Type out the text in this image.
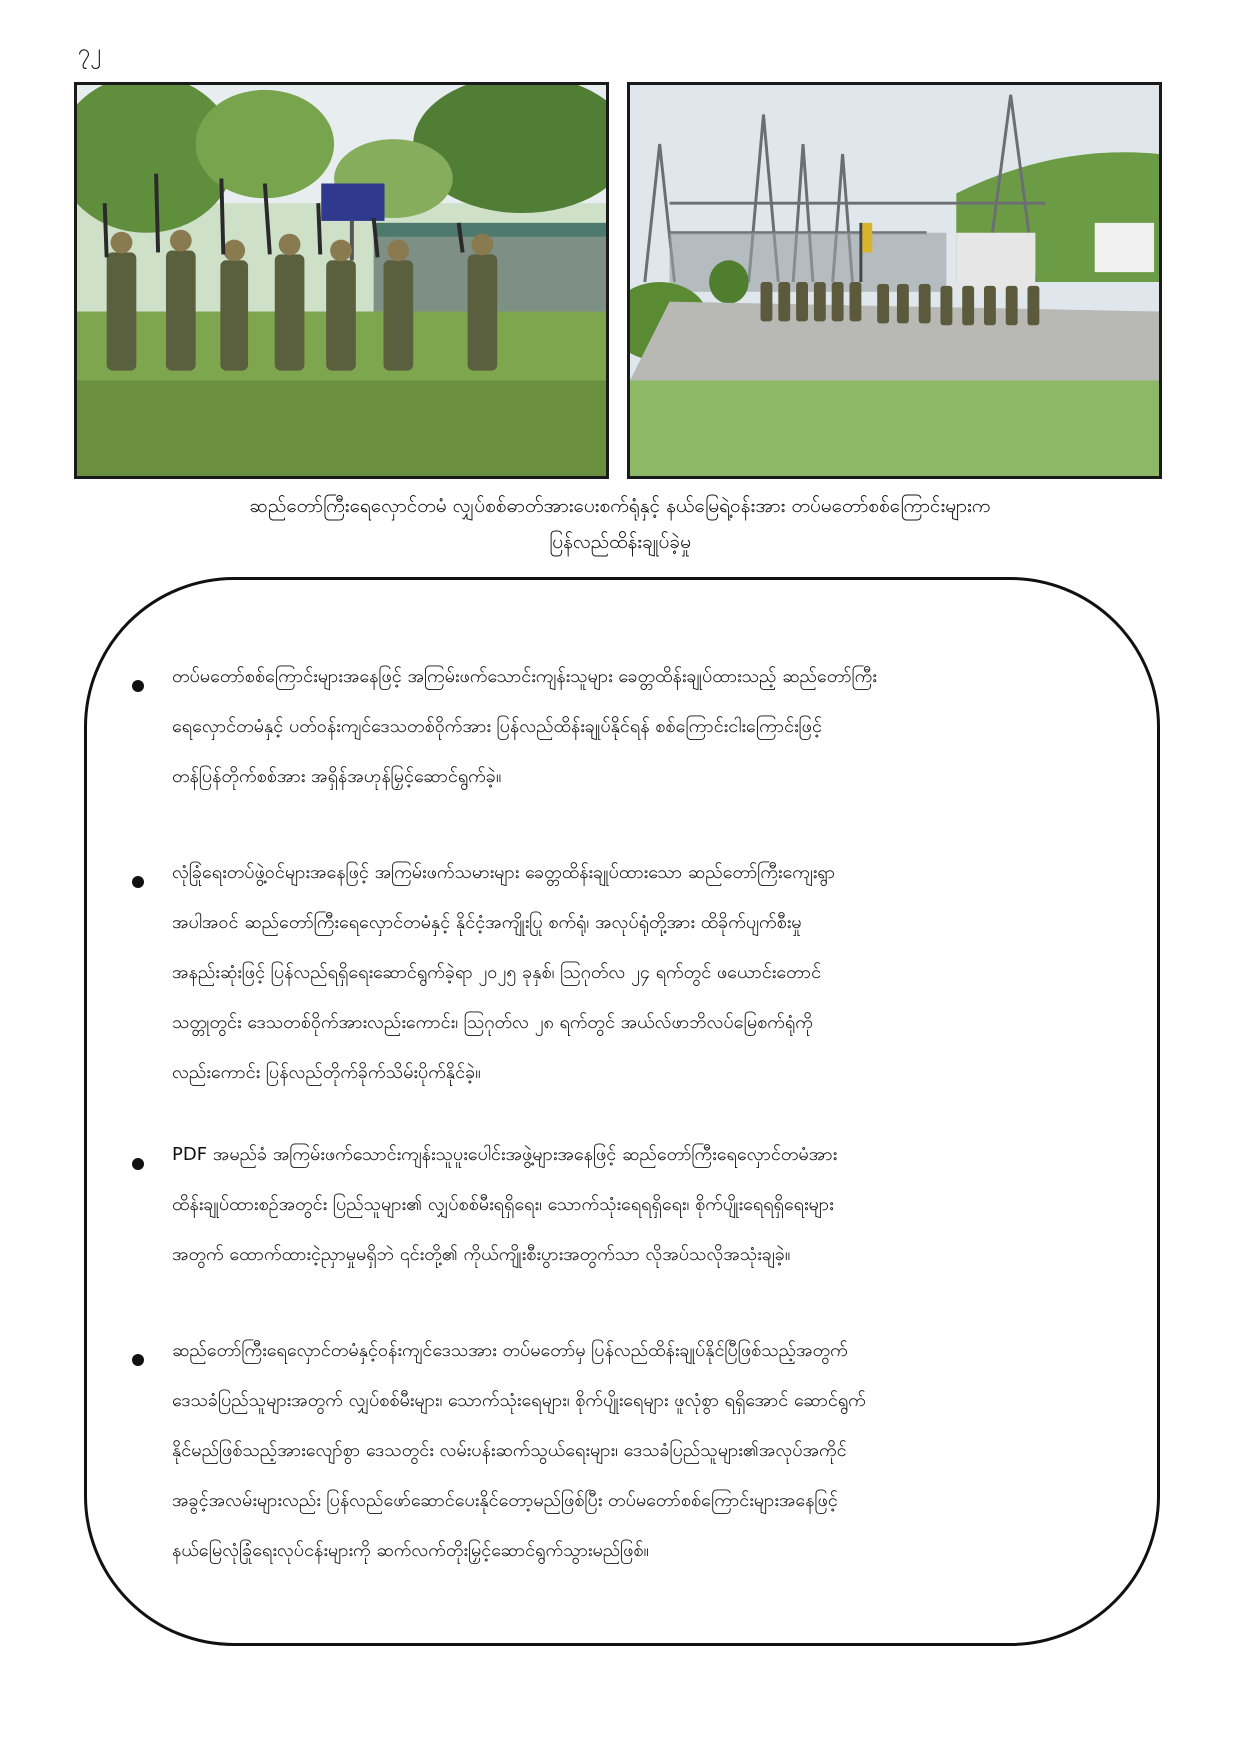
၇၂
ဆည်တော်ကြီးရေလှောင်တမံ လျှပ်စစ်ဓာတ်အားပေးစက်ရုံနှင့် နယ်မြေရဲ့ဝန်းအား တပ်မတော်စစ်ကြောင်းများက
ပြန်လည်ထိန်းချုပ်ခဲ့မှု
တပ်မတော်စစ်ကြောင်းများအနေဖြင့် အကြမ်းဖက်သောင်းကျန်းသူများ ခေတ္တထိန်းချုပ်ထားသည့် ဆည်တော်ကြီး
ရေလှောင်တမံနှင့် ပတ်ဝန်းကျင်ဒေသတစ်ဝိုက်အား ပြန်လည်ထိန်းချုပ်နိုင်ရန် စစ်ကြောင်းငါးကြောင်းဖြင့်
တန်ပြန်တိုက်စစ်အား အရှိန်အဟုန်မြှင့်ဆောင်ရွက်ခဲ့။
လုံခြုံရေးတပ်ဖွဲ့ဝင်များအနေဖြင့် အကြမ်းဖက်သမားများ ခေတ္တထိန်းချုပ်ထားသော ဆည်တော်ကြီးကျေးရွာ
အပါအဝင် ဆည်တော်ကြီးရေလှောင်တမံနှင့် နိုင်ငံ့အကျိုးပြု စက်ရုံ၊ အလုပ်ရုံတို့အား ထိခိုက်ပျက်စီးမှု
အနည်းဆုံးဖြင့် ပြန်လည်ရရှိရေးဆောင်ရွက်ခဲ့ရာ ၂၀၂၅ ခုနှစ်၊ ဩဂုတ်လ ၂၄ ရက်တွင် ဖယောင်းတောင်
သတ္တုတွင်း ဒေသတစ်ဝိုက်အားလည်းကောင်း၊ ဩဂုတ်လ ၂၈ ရက်တွင် အယ်လ်ဖာဘိလပ်မြေစက်ရုံကို
လည်းကောင်း ပြန်လည်တိုက်ခိုက်သိမ်းပိုက်နိုင်ခဲ့။
PDF အမည်ခံ အကြမ်းဖက်သောင်းကျန်းသူပူးပေါင်းအဖွဲ့များအနေဖြင့် ဆည်တော်ကြီးရေလှောင်တမံအား
ထိန်းချုပ်ထားစဉ်အတွင်း ပြည်သူများ၏ လျှပ်စစ်မီးရရှိရေး၊ သောက်သုံးရေရရှိရေး၊ စိုက်ပျိုးရေရရှိရေးများ
အတွက် ထောက်ထားငဲ့ညှာမှုမရှိဘဲ ၎င်းတို့၏ ကိုယ်ကျိုးစီးပွားအတွက်သာ လိုအပ်သလိုအသုံးချခဲ့။
ဆည်တော်ကြီးရေလှောင်တမံနှင့်ဝန်းကျင်ဒေသအား တပ်မတော်မှ ပြန်လည်ထိန်းချုပ်နိုင်ပြီဖြစ်သည့်အတွက်
ဒေသခံပြည်သူများအတွက် လျှပ်စစ်မီးများ၊ သောက်သုံးရေများ၊ စိုက်ပျိုးရေများ ဖူလုံစွာ ရရှိအောင် ဆောင်ရွက်
နိုင်မည်ဖြစ်သည့်အားလျော်စွာ ဒေသတွင်း လမ်းပန်းဆက်သွယ်ရေးများ၊ ဒေသခံပြည်သူများ၏အလုပ်အကိုင်
အခွင့်အလမ်းများလည်း ပြန်လည်ဖော်ဆောင်ပေးနိုင်တော့မည်ဖြစ်ပြီး တပ်မတော်စစ်ကြောင်းများအနေဖြင့်
နယ်မြေလုံခြုံရေးလုပ်ငန်းများကို ဆက်လက်တိုးမြှင့်ဆောင်ရွက်သွားမည်ဖြစ်။
